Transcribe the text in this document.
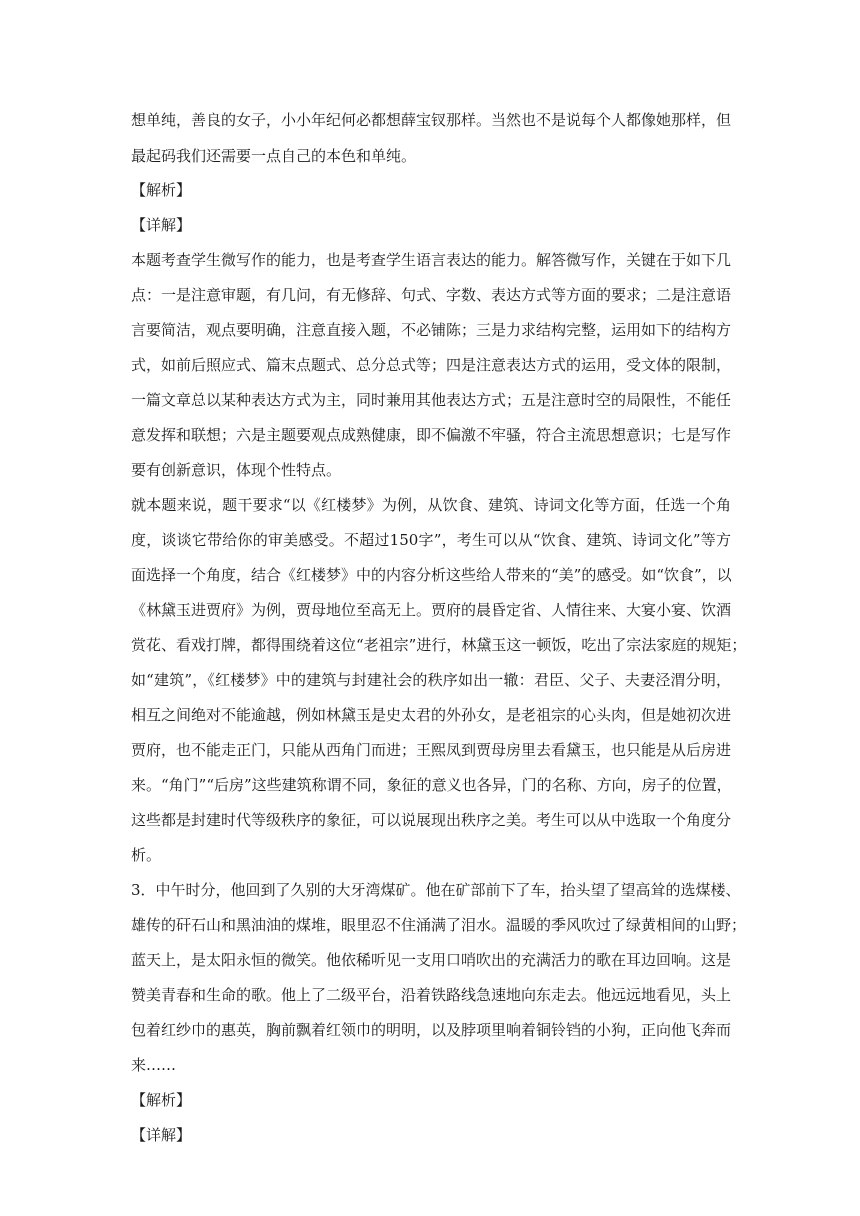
想单纯，善良的女子，小小年纪何必都想薛宝钗那样。当然也不是说每个人都像她那样，但
最起码我们还需要一点自己的本色和单纯。
【解析】
【详解】
本题考查学生微写作的能力，也是考查学生语言表达的能力。解答微写作，关键在于如下几
点：一是注意审题，有几问，有无修辞、句式、字数、表达方式等方面的要求；二是注意语
言要简洁，观点要明确，注意直接入题，不必铺陈；三是力求结构完整，运用如下的结构方
式，如前后照应式、篇末点题式、总分总式等；四是注意表达方式的运用，受文体的限制，
一篇文章总以某种表达方式为主，同时兼用其他表达方式；五是注意时空的局限性，不能任
意发挥和联想；六是主题要观点成熟健康，即不偏激不牢骚，符合主流思想意识；七是写作
要有创新意识，体现个性特点。
就本题来说，题干要求“以《红楼梦》为例，从饮食、建筑、诗词文化等方面，任选一个角
度，谈谈它带给你的审美感受。不超过150字”，考生可以从“饮食、建筑、诗词文化”等方
面选择一个角度，结合《红楼梦》中的内容分析这些给人带来的“美”的感受。如“饮食”，以
《林黛玉进贾府》为例，贾母地位至高无上。贾府的晨昏定省、人情往来、大宴小宴、饮酒
赏花、看戏打牌，都得围绕着这位“老祖宗”进行，林黛玉这一顿饭，吃出了宗法家庭的规矩；
如“建筑”，《红楼梦》中的建筑与封建社会的秩序如出一辙：君臣、父子、夫妻泾渭分明，
相互之间绝对不能逾越，例如林黛玉是史太君的外孙女，是老祖宗的心头肉，但是她初次进
贾府，也不能走正门，只能从西角门而进；王熙凤到贾母房里去看黛玉，也只能是从后房进
来。“角门”“后房”这些建筑称谓不同，象征的意义也各异，门的名称、方向，房子的位置，
这些都是封建时代等级秩序的象征，可以说展现出秩序之美。考生可以从中选取一个角度分
析。
3．中午时分，他回到了久别的大牙湾煤矿。他在矿部前下了车，抬头望了望高耸的选煤楼、
雄传的矸石山和黑油油的煤堆，眼里忍不住涌满了泪水。温暖的季风吹过了绿黄相间的山野；
蓝天上，是太阳永恒的微笑。他依稀听见一支用口哨吹出的充满活力的歌在耳边回响。这是
赞美青春和生命的歌。他上了二级平台，沿着铁路线急速地向东走去。他远远地看见，头上
包着红纱巾的惠英，胸前飘着红领巾的明明，以及脖项里响着铜铃铛的小狗，正向他飞奔而
来……
【解析】
【详解】
